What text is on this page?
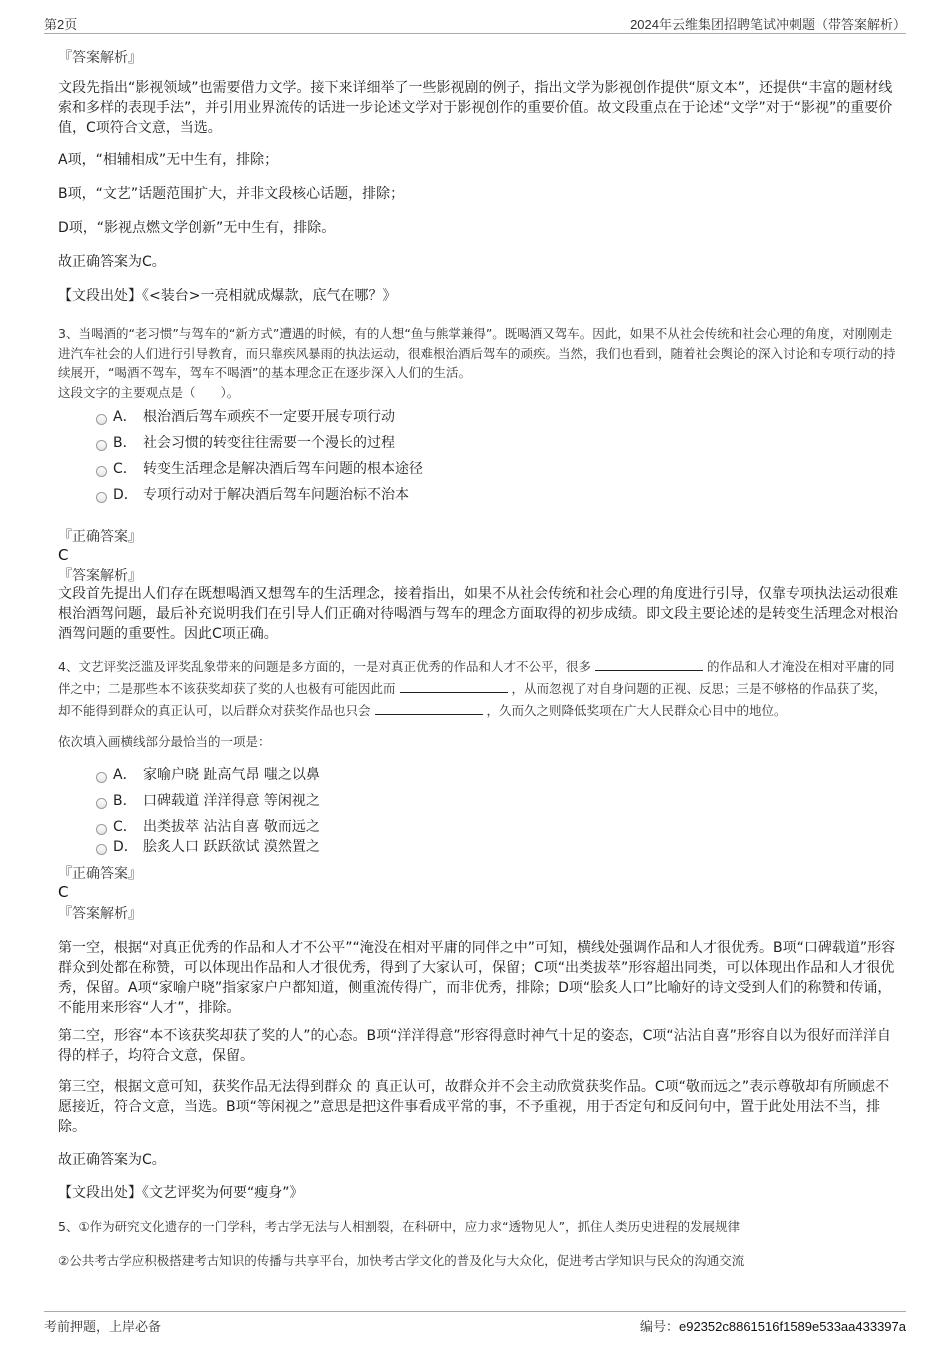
第2页	2024年云维集团招聘笔试冲刺题（带答案解析）
『答案解析』
文段先指出“影视领域”也需要借力文学。接下来详细举了一些影视剧的例子，指出文学为影视创作提供“原文本”，还提供“丰富的题材线索和多样的表现手法”，并引用业界流传的话进一步论述文学对于影视创作的重要价值。故文段重点在于论述“文学”对于“影视”的重要价值，C项符合文意，当选。
A项，“相辅相成”无中生有，排除；
B项，“文艺”话题范围扩大，并非文段核心话题，排除；
D项，“影视点燃文学创新”无中生有，排除。
故正确答案为C。
【文段出处】《<装台>一亮相就成爆款，底气在哪？》
3、当喝酒的“老习惯”与驾车的“新方式”遭遇的时候，有的人想“鱼与熊掌兼得”。既喝酒又驾车。因此，如果不从社会传统和社会心理的角度，对刚刚走进汽车社会的人们进行引导教育，而只靠疾风暴雨的执法运动，很难根治酒后驾车的顽疾。当然，我们也看到，随着社会舆论的深入讨论和专项行动的持续展开，“喝酒不驾车，驾车不喝酒”的基本理念正在逐步深入人们的生活。
这段文字的主要观点是（　　）。
A． 根治酒后驾车顽疾不一定要开展专项行动
B． 社会习惯的转变往往需要一个漫长的过程
C． 转变生活理念是解决酒后驾车问题的根本途径
D． 专项行动对于解决酒后驾车问题治标不治本
『正确答案』
C
『答案解析』
文段首先提出人们存在既想喝酒又想驾车的生活理念，接着指出，如果不从社会传统和社会心理的角度进行引导，仅靠专项执法运动很难根治酒驾问题，最后补充说明我们在引导人们正确对待喝酒与驾车的理念方面取得的初步成绩。即文段主要论述的是转变生活理念对根治酒驾问题的重要性。因此C项正确。
4、文艺评奖泛滥及评奖乱象带来的问题是多方面的，一是对真正优秀的作品和人才不公平，很多	的作品和人才淹没在相对平庸的同伴之中；二是那些本不该获奖却获了奖的人也极有可能因此而	，从而忽视了对自身问题的正视、反思；三是不够格的作品获了奖，却不能得到群众的真正认可，以后群众对获奖作品也只会	，久而久之则降低奖项在广大人民群众心目中的地位。
依次填入画横线部分最恰当的一项是：
A． 家喻户晓 趾高气昂 嗤之以鼻
B． 口碑载道 洋洋得意 等闲视之
C． 出类拔萃 沾沾自喜 敬而远之
D． 脍炙人口 跃跃欲试 漠然置之
『正确答案』
C
『答案解析』
第一空，根据“对真正优秀的作品和人才不公平”“淹没在相对平庸的同伴之中”可知，横线处强调作品和人才很优秀。B项“口碑载道”形容群众到处都在称赞，可以体现出作品和人才很优秀，得到了大家认可，保留；C项“出类拔萃”形容超出同类，可以体现出作品和人才很优秀，保留。A项“家喻户晓”指家家户户都知道，侧重流传得广，而非优秀，排除；D项“脍炙人口”比喻好的诗文受到人们的称赞和传诵，不能用来形容“人才”，排除。
第二空，形容“本不该获奖却获了奖的人”的心态。B项“洋洋得意”形容得意时神气十足的姿态，C项“沾沾自喜”形容自以为很好而洋洋自得的样子，均符合文意，保留。
第三空，根据文意可知，获奖作品无法得到群众 的 真正认可，故群众并不会主动欣赏获奖作品。C项“敬而远之”表示尊敬却有所顾虑不愿接近，符合文意，当选。B项“等闲视之”意思是把这件事看成平常的事，不予重视，用于否定句和反问句中，置于此处用法不当，排除。
故正确答案为C。
【文段出处】《文艺评奖为何要“瘦身”》
5、①作为研究文化遗存的一门学科，考古学无法与人相割裂，在科研中，应力求“透物见人”，抓住人类历史进程的发展规律
②公共考古学应积极搭建考古知识的传播与共享平台，加快考古学文化的普及化与大众化，促进考古学知识与民众的沟通交流
考前押题，上岸必备	编号：e92352c8861516f1589e533aa433397a
